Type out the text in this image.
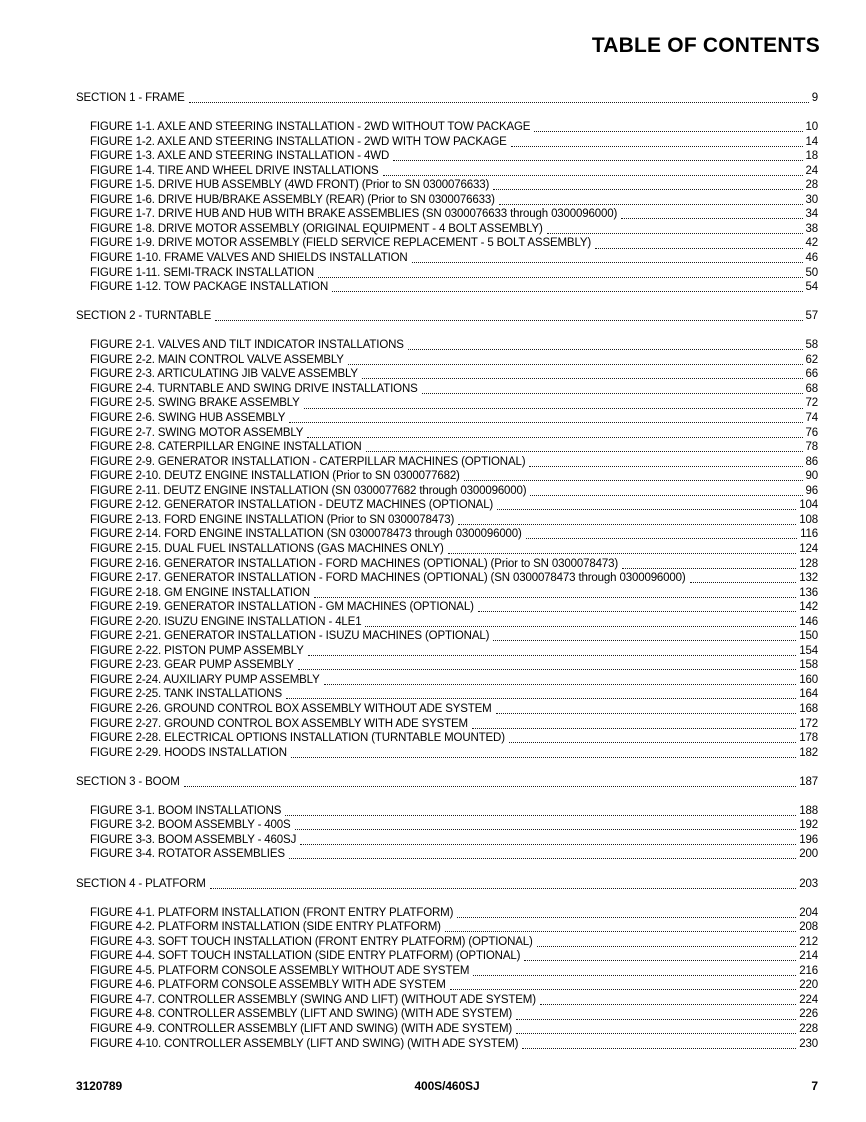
TABLE OF CONTENTS
SECTION 1 - FRAME	9
FIGURE 1-1. AXLE AND STEERING INSTALLATION - 2WD WITHOUT TOW PACKAGE	10
FIGURE 1-2. AXLE AND STEERING INSTALLATION - 2WD WITH TOW PACKAGE	14
FIGURE 1-3. AXLE AND STEERING INSTALLATION - 4WD	18
FIGURE 1-4. TIRE AND WHEEL DRIVE INSTALLATIONS	24
FIGURE 1-5. DRIVE HUB ASSEMBLY (4WD FRONT) (Prior to SN 0300076633)	28
FIGURE 1-6. DRIVE HUB/BRAKE ASSEMBLY (REAR) (Prior to SN 0300076633)	30
FIGURE 1-7. DRIVE HUB AND HUB WITH BRAKE ASSEMBLIES (SN 0300076633 through 0300096000)	34
FIGURE 1-8. DRIVE MOTOR ASSEMBLY (ORIGINAL EQUIPMENT - 4 BOLT ASSEMBLY)	38
FIGURE 1-9. DRIVE MOTOR ASSEMBLY (FIELD SERVICE REPLACEMENT - 5 BOLT ASSEMBLY)	42
FIGURE 1-10. FRAME VALVES AND SHIELDS INSTALLATION	46
FIGURE 1-11. SEMI-TRACK INSTALLATION	50
FIGURE 1-12. TOW PACKAGE INSTALLATION	54
SECTION 2 - TURNTABLE	57
FIGURE 2-1. VALVES AND TILT INDICATOR INSTALLATIONS	58
FIGURE 2-2. MAIN CONTROL VALVE ASSEMBLY	62
FIGURE 2-3. ARTICULATING JIB VALVE ASSEMBLY	66
FIGURE 2-4. TURNTABLE AND SWING DRIVE INSTALLATIONS	68
FIGURE 2-5. SWING BRAKE ASSEMBLY	72
FIGURE 2-6. SWING HUB ASSEMBLY	74
FIGURE 2-7. SWING MOTOR ASSEMBLY	76
FIGURE 2-8. CATERPILLAR ENGINE INSTALLATION	78
FIGURE 2-9. GENERATOR INSTALLATION - CATERPILLAR MACHINES (OPTIONAL)	86
FIGURE 2-10. DEUTZ ENGINE INSTALLATION (Prior to SN 0300077682)	90
FIGURE 2-11. DEUTZ ENGINE INSTALLATION (SN 0300077682 through 0300096000)	96
FIGURE 2-12. GENERATOR INSTALLATION - DEUTZ MACHINES (OPTIONAL)	104
FIGURE 2-13. FORD ENGINE INSTALLATION (Prior to SN 0300078473)	108
FIGURE 2-14. FORD ENGINE INSTALLATION (SN 0300078473 through 0300096000)	116
FIGURE 2-15. DUAL FUEL INSTALLATIONS (GAS MACHINES ONLY)	124
FIGURE 2-16. GENERATOR INSTALLATION - FORD MACHINES (OPTIONAL) (Prior to SN 0300078473)	128
FIGURE 2-17. GENERATOR INSTALLATION - FORD MACHINES (OPTIONAL) (SN 0300078473 through 0300096000)	132
FIGURE 2-18. GM ENGINE INSTALLATION	136
FIGURE 2-19. GENERATOR INSTALLATION - GM MACHINES (OPTIONAL)	142
FIGURE 2-20. ISUZU ENGINE INSTALLATION - 4LE1	146
FIGURE 2-21. GENERATOR INSTALLATION - ISUZU MACHINES (OPTIONAL)	150
FIGURE 2-22. PISTON PUMP ASSEMBLY	154
FIGURE 2-23. GEAR PUMP ASSEMBLY	158
FIGURE 2-24. AUXILIARY PUMP ASSEMBLY	160
FIGURE 2-25. TANK INSTALLATIONS	164
FIGURE 2-26. GROUND CONTROL BOX ASSEMBLY WITHOUT ADE SYSTEM	168
FIGURE 2-27. GROUND CONTROL BOX ASSEMBLY WITH ADE SYSTEM	172
FIGURE 2-28. ELECTRICAL OPTIONS INSTALLATION (TURNTABLE MOUNTED)	178
FIGURE 2-29. HOODS INSTALLATION	182
SECTION 3 - BOOM	187
FIGURE 3-1. BOOM INSTALLATIONS	188
FIGURE 3-2. BOOM ASSEMBLY - 400S	192
FIGURE 3-3. BOOM ASSEMBLY - 460SJ	196
FIGURE 3-4. ROTATOR ASSEMBLIES	200
SECTION 4 - PLATFORM	203
FIGURE 4-1. PLATFORM INSTALLATION (FRONT ENTRY PLATFORM)	204
FIGURE 4-2. PLATFORM INSTALLATION (SIDE ENTRY PLATFORM)	208
FIGURE 4-3. SOFT TOUCH INSTALLATION (FRONT ENTRY PLATFORM) (OPTIONAL)	212
FIGURE 4-4. SOFT TOUCH INSTALLATION (SIDE ENTRY PLATFORM) (OPTIONAL)	214
FIGURE 4-5. PLATFORM CONSOLE ASSEMBLY WITHOUT ADE SYSTEM	216
FIGURE 4-6. PLATFORM CONSOLE ASSEMBLY WITH ADE SYSTEM	220
FIGURE 4-7. CONTROLLER ASSEMBLY (SWING AND LIFT) (WITHOUT ADE SYSTEM)	224
FIGURE 4-8. CONTROLLER ASSEMBLY (LIFT AND SWING) (WITH ADE SYSTEM)	226
FIGURE 4-9. CONTROLLER ASSEMBLY (LIFT AND SWING) (WITH ADE SYSTEM)	228
FIGURE 4-10. CONTROLLER ASSEMBLY (LIFT AND SWING) (WITH ADE SYSTEM)	230
3120789	400S/460SJ	7
